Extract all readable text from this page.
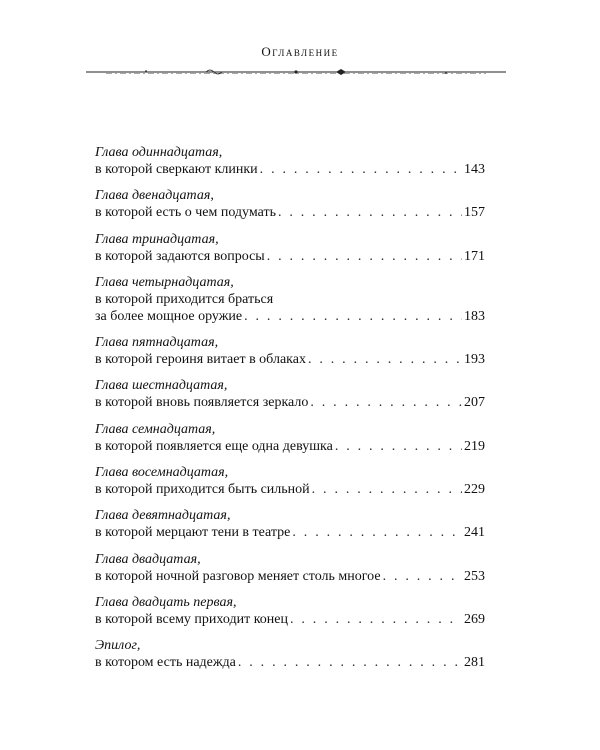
Оглавление
Глава одиннадцатая,
в которой сверкают клинки . . .	143
Глава двенадцатая,
в которой есть о чем подумать . . .	157
Глава тринадцатая,
в которой задаются вопросы . . .	171
Глава четырнадцатая,
в которой приходится браться
за более мощное оружие . . .	183
Глава пятнадцатая,
в которой героиня витает в облаках . . .	193
Глава шестнадцатая,
в которой вновь появляется зеркало . . .	207
Глава семнадцатая,
в которой появляется еще одна девушка . . .	219
Глава восемнадцатая,
в которой приходится быть сильной . . .	229
Глава девятнадцатая,
в которой мерцают тени в театре . . .	241
Глава двадцатая,
в которой ночной разговор меняет столь многое . . .	253
Глава двадцать первая,
в которой всему приходит конец . . .	269
Эпилог,
в котором есть надежда . . .	281
